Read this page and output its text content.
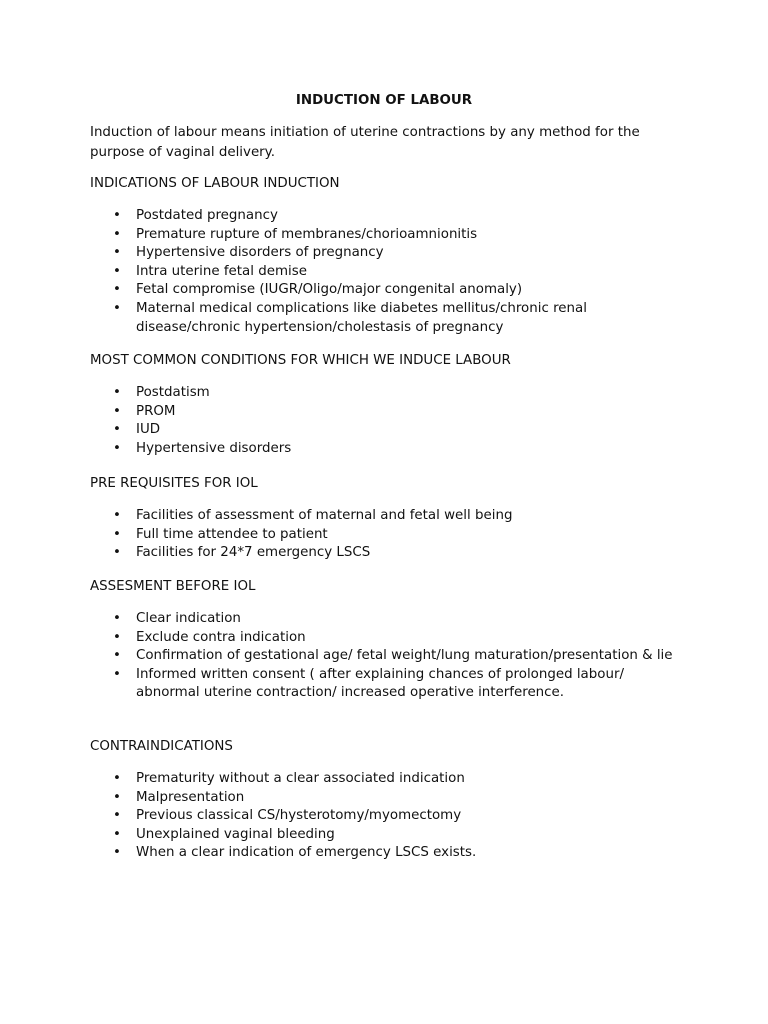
INDUCTION OF LABOUR

Induction of labour means initiation of uterine contractions by any method for the purpose of vaginal delivery.

INDICATIONS OF LABOUR INDUCTION

• Postdated pregnancy
• Premature rupture of membranes/chorioamnionitis
• Hypertensive disorders of pregnancy
• Intra uterine fetal demise
• Fetal compromise (IUGR/Oligo/major congenital anomaly)
• Maternal medical complications like diabetes mellitus/chronic renal disease/chronic hypertension/cholestasis of pregnancy

MOST COMMON CONDITIONS FOR WHICH WE INDUCE LABOUR

• Postdatism
• PROM
• IUD
• Hypertensive disorders

PRE REQUISITES FOR IOL

• Facilities of assessment of maternal and fetal well being
• Full time attendee to patient
• Facilities for 24*7 emergency LSCS

ASSESMENT BEFORE IOL

• Clear indication
• Exclude contra indication
• Confirmation of gestational age/ fetal weight/lung maturation/presentation & lie
• Informed written consent ( after explaining chances of prolonged labour/ abnormal uterine contraction/ increased operative interference.

CONTRAINDICATIONS

• Prematurity without a clear associated indication
• Malpresentation
• Previous classical CS/hysterotomy/myomectomy
• Unexplained vaginal bleeding
• When a clear indication of emergency LSCS exists.
